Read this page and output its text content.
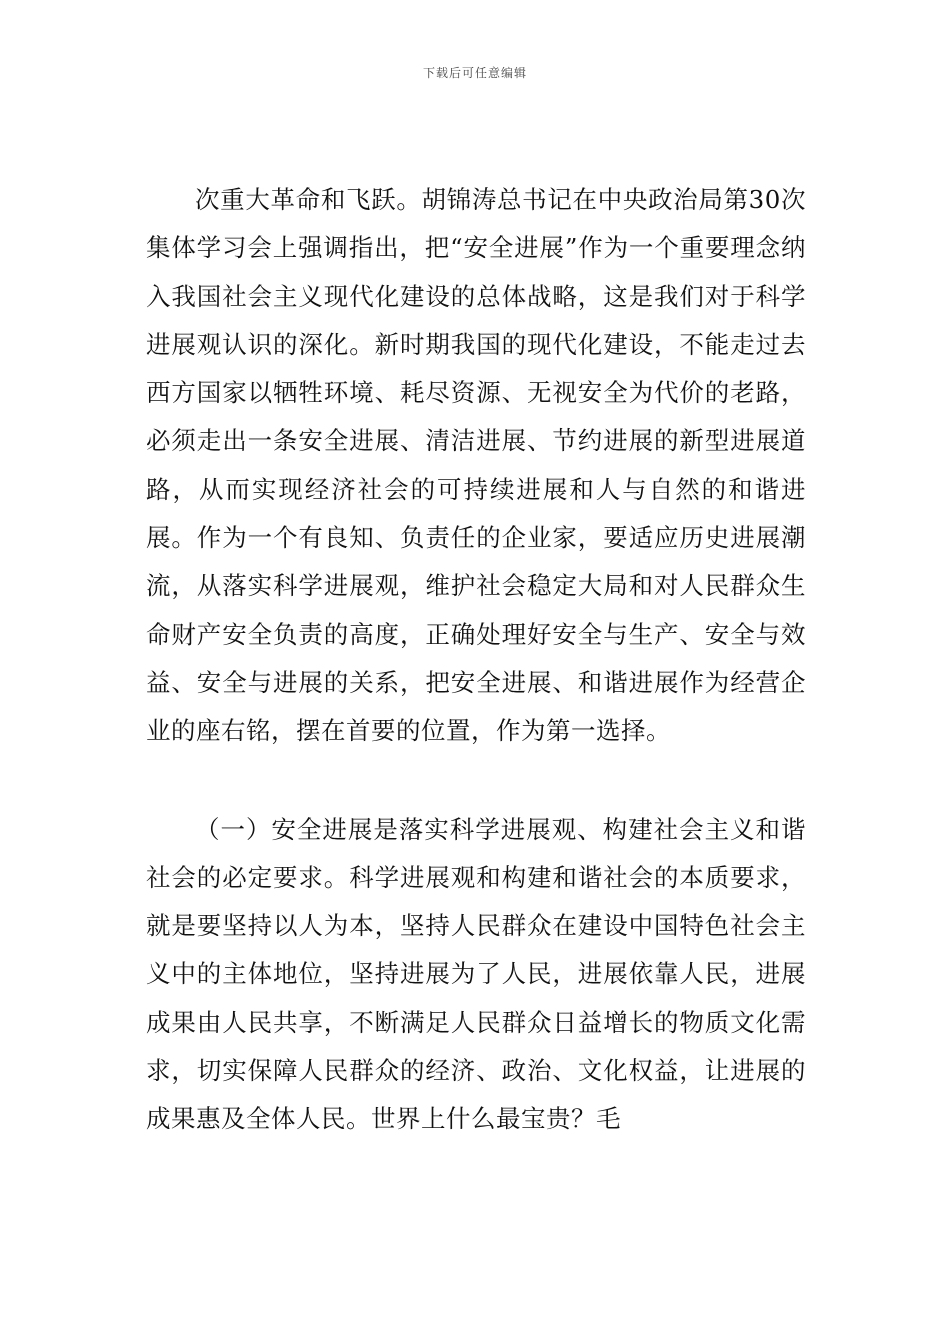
下载后可任意编辑

次重大革命和飞跃。胡锦涛总书记在中央政治局第30次集体学习会上强调指出，把“安全进展”作为一个重要理念纳入我国社会主义现代化建设的总体战略，这是我们对于科学进展观认识的深化。新时期我国的现代化建设，不能走过去西方国家以牺牲环境、耗尽资源、无视安全为代价的老路，必须走出一条安全进展、清洁进展、节约进展的新型进展道路，从而实现经济社会的可持续进展和人与自然的和谐进展。作为一个有良知、负责任的企业家，要适应历史进展潮流，从落实科学进展观，维护社会稳定大局和对人民群众生命财产安全负责的高度，正确处理好安全与生产、安全与效益、安全与进展的关系，把安全进展、和谐进展作为经营企业的座右铭，摆在首要的位置，作为第一选择。

（一）安全进展是落实科学进展观、构建社会主义和谐社会的必定要求。科学进展观和构建和谐社会的本质要求，就是要坚持以人为本，坚持人民群众在建设中国特色社会主义中的主体地位，坚持进展为了人民，进展依靠人民，进展成果由人民共享，不断满足人民群众日益增长的物质文化需求，切实保障人民群众的经济、政治、文化权益，让进展的成果惠及全体人民。世界上什么最宝贵？毛
